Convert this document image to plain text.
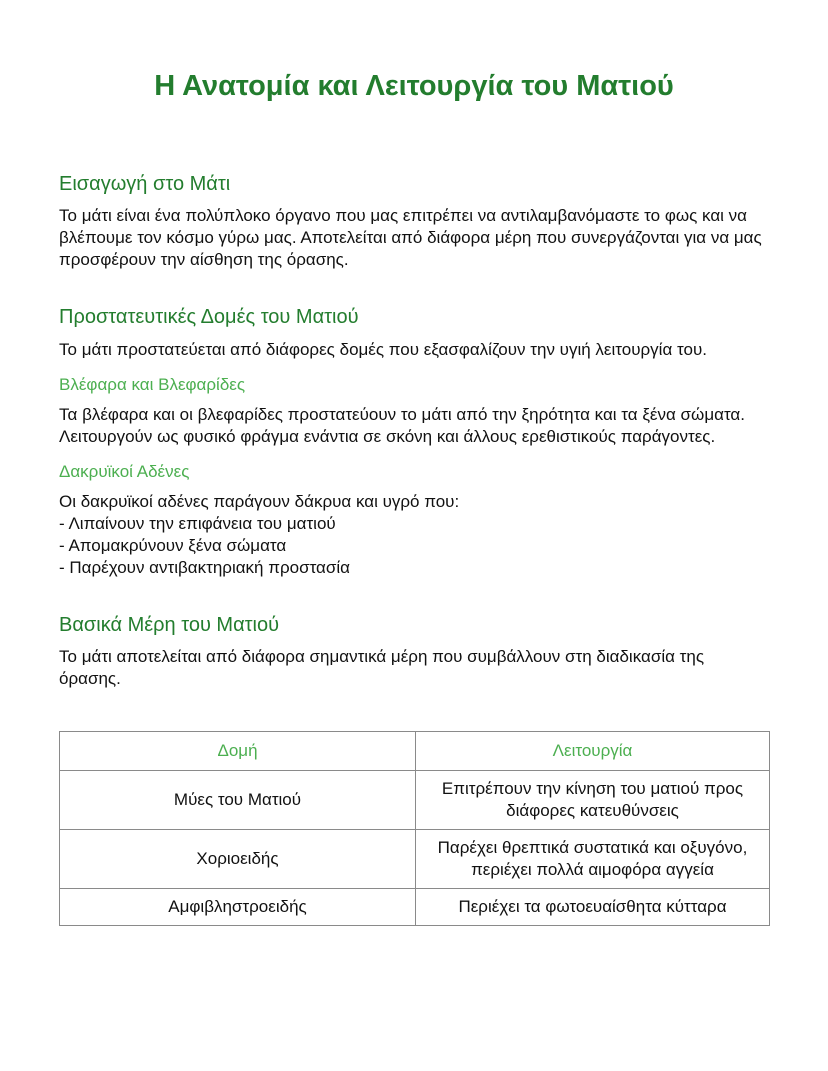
Η Ανατομία και Λειτουργία του Ματιού
Εισαγωγή στο Μάτι

Το μάτι είναι ένα πολύπλοκο όργανο που μας επιτρέπει να αντιλαμβανόμαστε το φως και να βλέπουμε τον κόσμο γύρω μας. Αποτελείται από διάφορα μέρη που συνεργάζονται για να μας προσφέρουν την αίσθηση της όρασης.

Προστατευτικές Δομές του Ματιού

Το μάτι προστατεύεται από διάφορες δομές που εξασφαλίζουν την υγιή λειτουργία του.

Βλέφαρα και Βλεφαρίδες

Τα βλέφαρα και οι βλεφαρίδες προστατεύουν το μάτι από την ξηρότητα και τα ξένα σώματα. Λειτουργούν ως φυσικό φράγμα ενάντια σε σκόνη και άλλους ερεθιστικούς παράγοντες.

Δακρυϊκοί Αδένες
Οι δακρυϊκοί αδένες παράγουν δάκρυα και υγρό που:
- Λιπαίνουν την επιφάνεια του ματιού
- Απομακρύνουν ξένα σώματα
- Παρέχουν αντιβακτηριακή προστασία
Βασικά Μέρη του Ματιού

Το μάτι αποτελείται από διάφορα σημαντικά μέρη που συμβάλλουν στη διαδικασία της όρασης.

Δομή	Λειτουργία
Μύες του Ματιού	Επιτρέπουν την κίνηση του ματιού προς διάφορες κατευθύνσεις
Χοριοειδής	Παρέχει θρεπτικά συστατικά και οξυγόνο, περιέχει πολλά αιμοφόρα αγγεία
Αμφιβληστροειδής	Περιέχει τα φωτοευαίσθητα κύτταρα
